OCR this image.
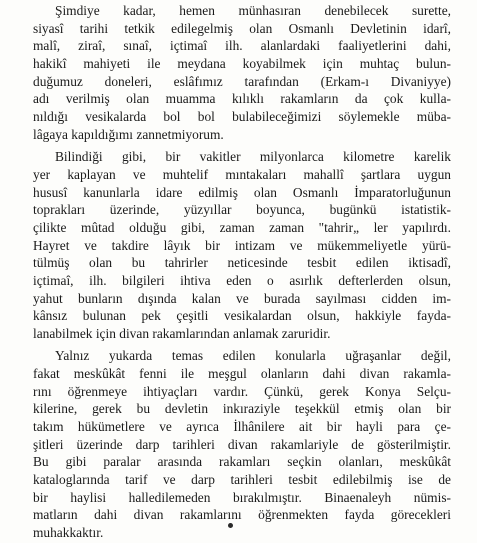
Şimdiye kadar, hemen münhasıran denebilecek surette,
siyasî tarihi tetkik edilegelmiş olan Osmanlı Devletinin idarî,
malî, ziraî, sınaî, içtimaî ilh. alanlardaki faaliyetlerini dahi,
hakikî mahiyeti ile meydana koyabilmek için muhtaç bulun-
duğumuz doneleri, eslâfımız tarafından (Erkam-ı Divaniyye)
adı verilmiş olan muamma kılıklı rakamların da çok kulla-
nıldığı vesikalarda bol bol bulabileceğimizi söylemekle müba-
lâgaya kapıldığımı zannetmiyorum.

Bilindiği gibi, bir vakitler milyonlarca kilometre karelik
yer kaplayan ve muhtelif mıntakaları mahallî şartlara uygun
hususî kanunlarla idare edilmiş olan Osmanlı İmparatorluğunun
toprakları üzerinde, yüzyıllar boyunca, bugünkü istatistik-
çilikte mûtad olduğu gibi, zaman zaman "tahrir„ ler yapılırdı.
Hayret ve takdire lâyık bir intizam ve mükemmeliyetle yürü-
tülmüş olan bu tahrirler neticesinde tesbit edilen iktisadî,
içtimaî, ilh. bilgileri ihtiva eden o asırlık defterlerden olsun,
yahut bunların dışında kalan ve burada sayılması cidden im-
kânsız bulunan pek çeşitli vesikalardan olsun, hakkiyle fayda-
lanabilmek için divan rakamlarından anlamak zaruridir.

Yalnız yukarda temas edilen konularla uğraşanlar değil,
fakat meskûkât fenni ile meşgul olanların dahi divan rakamla-
rını öğrenmeye ihtiyaçları vardır. Çünkü, gerek Konya Selçu-
kilerine, gerek bu devletin inkıraziyle teşekkül etmiş olan bir
takım hükümetlere ve ayrıca İlhânilere ait bir hayli para çe-
şitleri üzerinde darp tarihleri divan rakamlariyle de gösterilmiştir.
Bu gibi paralar arasında rakamları seçkin olanları, meskûkât
kataloglarında tarif ve darp tarihleri tesbit edilebilmiş ise de
bir haylisi halledilemeden bırakılmıştır. Binaenaleyh nümis-
matların dahi divan rakamlarını öğrenmekten fayda görecekleri
muhakkaktır.
